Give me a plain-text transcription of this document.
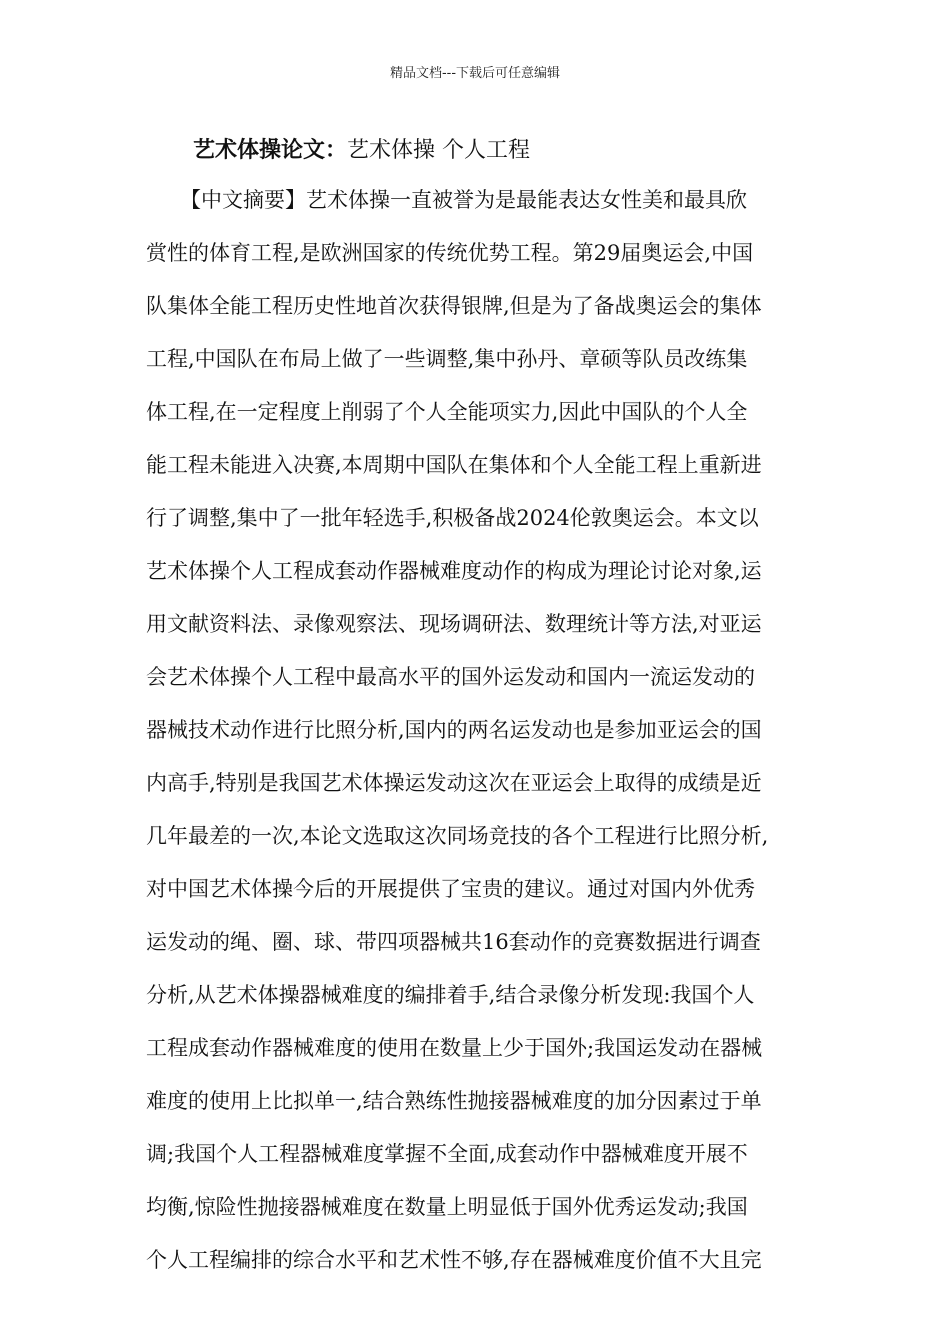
精品文档---下载后可任意编辑
艺术体操论文：艺术体操 个人工程
【中文摘要】艺术体操一直被誉为是最能表达女性美和最具欣
赏性的体育工程,是欧洲国家的传统优势工程。第29届奥运会,中国
队集体全能工程历史性地首次获得银牌,但是为了备战奥运会的集体
工程,中国队在布局上做了一些调整,集中孙丹、章硕等队员改练集
体工程,在一定程度上削弱了个人全能项实力,因此中国队的个人全
能工程未能进入决赛,本周期中国队在集体和个人全能工程上重新进
行了调整,集中了一批年轻选手,积极备战2024伦敦奥运会。本文以
艺术体操个人工程成套动作器械难度动作的构成为理论讨论对象,运
用文献资料法、录像观察法、现场调研法、数理统计等方法,对亚运
会艺术体操个人工程中最高水平的国外运发动和国内一流运发动的
器械技术动作进行比照分析,国内的两名运发动也是参加亚运会的国
内高手,特别是我国艺术体操运发动这次在亚运会上取得的成绩是近
几年最差的一次,本论文选取这次同场竞技的各个工程进行比照分析,
对中国艺术体操今后的开展提供了宝贵的建议。通过对国内外优秀
运发动的绳、圈、球、带四项器械共16套动作的竞赛数据进行调查
分析,从艺术体操器械难度的编排着手,结合录像分析发现:我国个人
工程成套动作器械难度的使用在数量上少于国外;我国运发动在器械
难度的使用上比拟单一,结合熟练性抛接器械难度的加分因素过于单
调;我国个人工程器械难度掌握不全面,成套动作中器械难度开展不
均衡,惊险性抛接器械难度在数量上明显低于国外优秀运发动;我国
个人工程编排的综合水平和艺术性不够,存在器械难度价值不大且完
